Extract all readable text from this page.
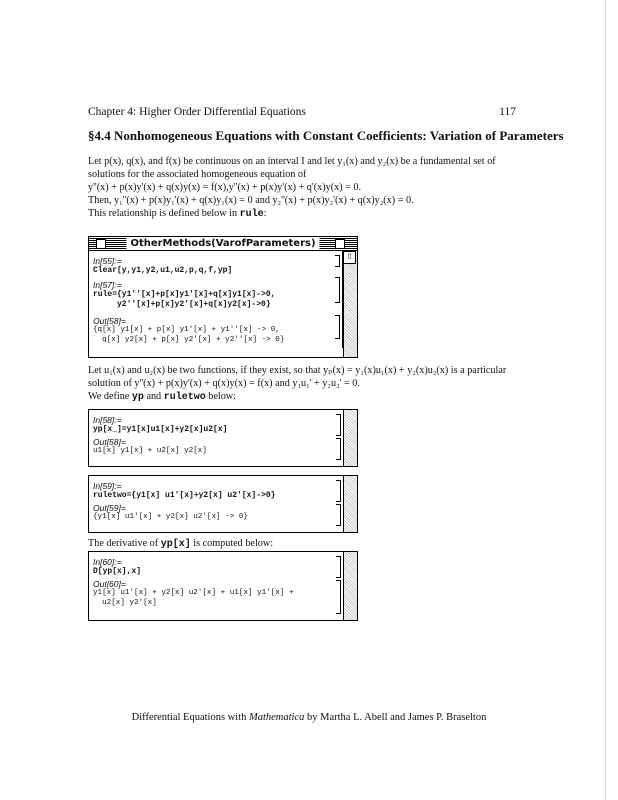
Chapter 4: Higher Order Differential Equations	117
§4.4 Nonhomogeneous Equations with Constant Coefficients: Variation of Parameters
Let p(x), q(x), and f(x) be continuous on an interval I and let y₁(x) and y₂(x) be a fundamental set of
solutions for the associated homogeneous equation of
y''(x) + p(x)y'(x) + q(x)y(x) = f(x),y''(x) + p(x)y'(x) + q'(x)y(x) = 0.
Then, y₁''(x) + p(x)y₁'(x) + q(x)y₁(x) = 0 and y₂''(x) + p(x)y₂'(x) + q(x)y₂(x) = 0.
This relationship is defined below in rule:
OtherMethods(VarofParameters)
⇧
In[55]:=
Clear[y,y1,y2,u1,u2,p,q,f,yp]
In[57]:=
rule={y1''[x]+p[x]y1'[x]+q[x]y1[x]->0,
y2''[x]+p[x]y2'[x]+q[x]y2[x]->0}
Out[58]=
{q[x] y1[x] + p[x] y1'[x] + y1''[x] -> 0,
q[x] y2[x] + p[x] y2'[x] + y2''[x] -> 0}
Let u₁(x) and u₂(x) be two functions, if they exist, so that yₚ(x) = y₁(x)u₁(x) + y₂(x)u₂(x) is a particular
solution of y''(x) + p(x)y'(x) + q(x)y(x) = f(x) and y₁u₁' + y₂u₂' = 0.
We define yp and ruletwo below:
In[58]:=
yp[x_]=y1[x]u1[x]+y2[x]u2[x]
Out[58]=
u1[x] y1[x] + u2[x] y2[x]
In[59]:=
ruletwo={y1[x] u1'[x]+y2[x] u2'[x]->0}
Out[59]=
{y1[x] u1'[x] + y2[x] u2'[x] -> 0}
The derivative of yp[x] is computed below:
In[60]:=
D[yp[x],x]
Out[60]=
y1[x] u1'[x] + y2[x] u2'[x] + u1[x] y1'[x] +
u2[x] y2'[x]
Differential Equations with Mathematica by Martha L. Abell and James P. Braselton
